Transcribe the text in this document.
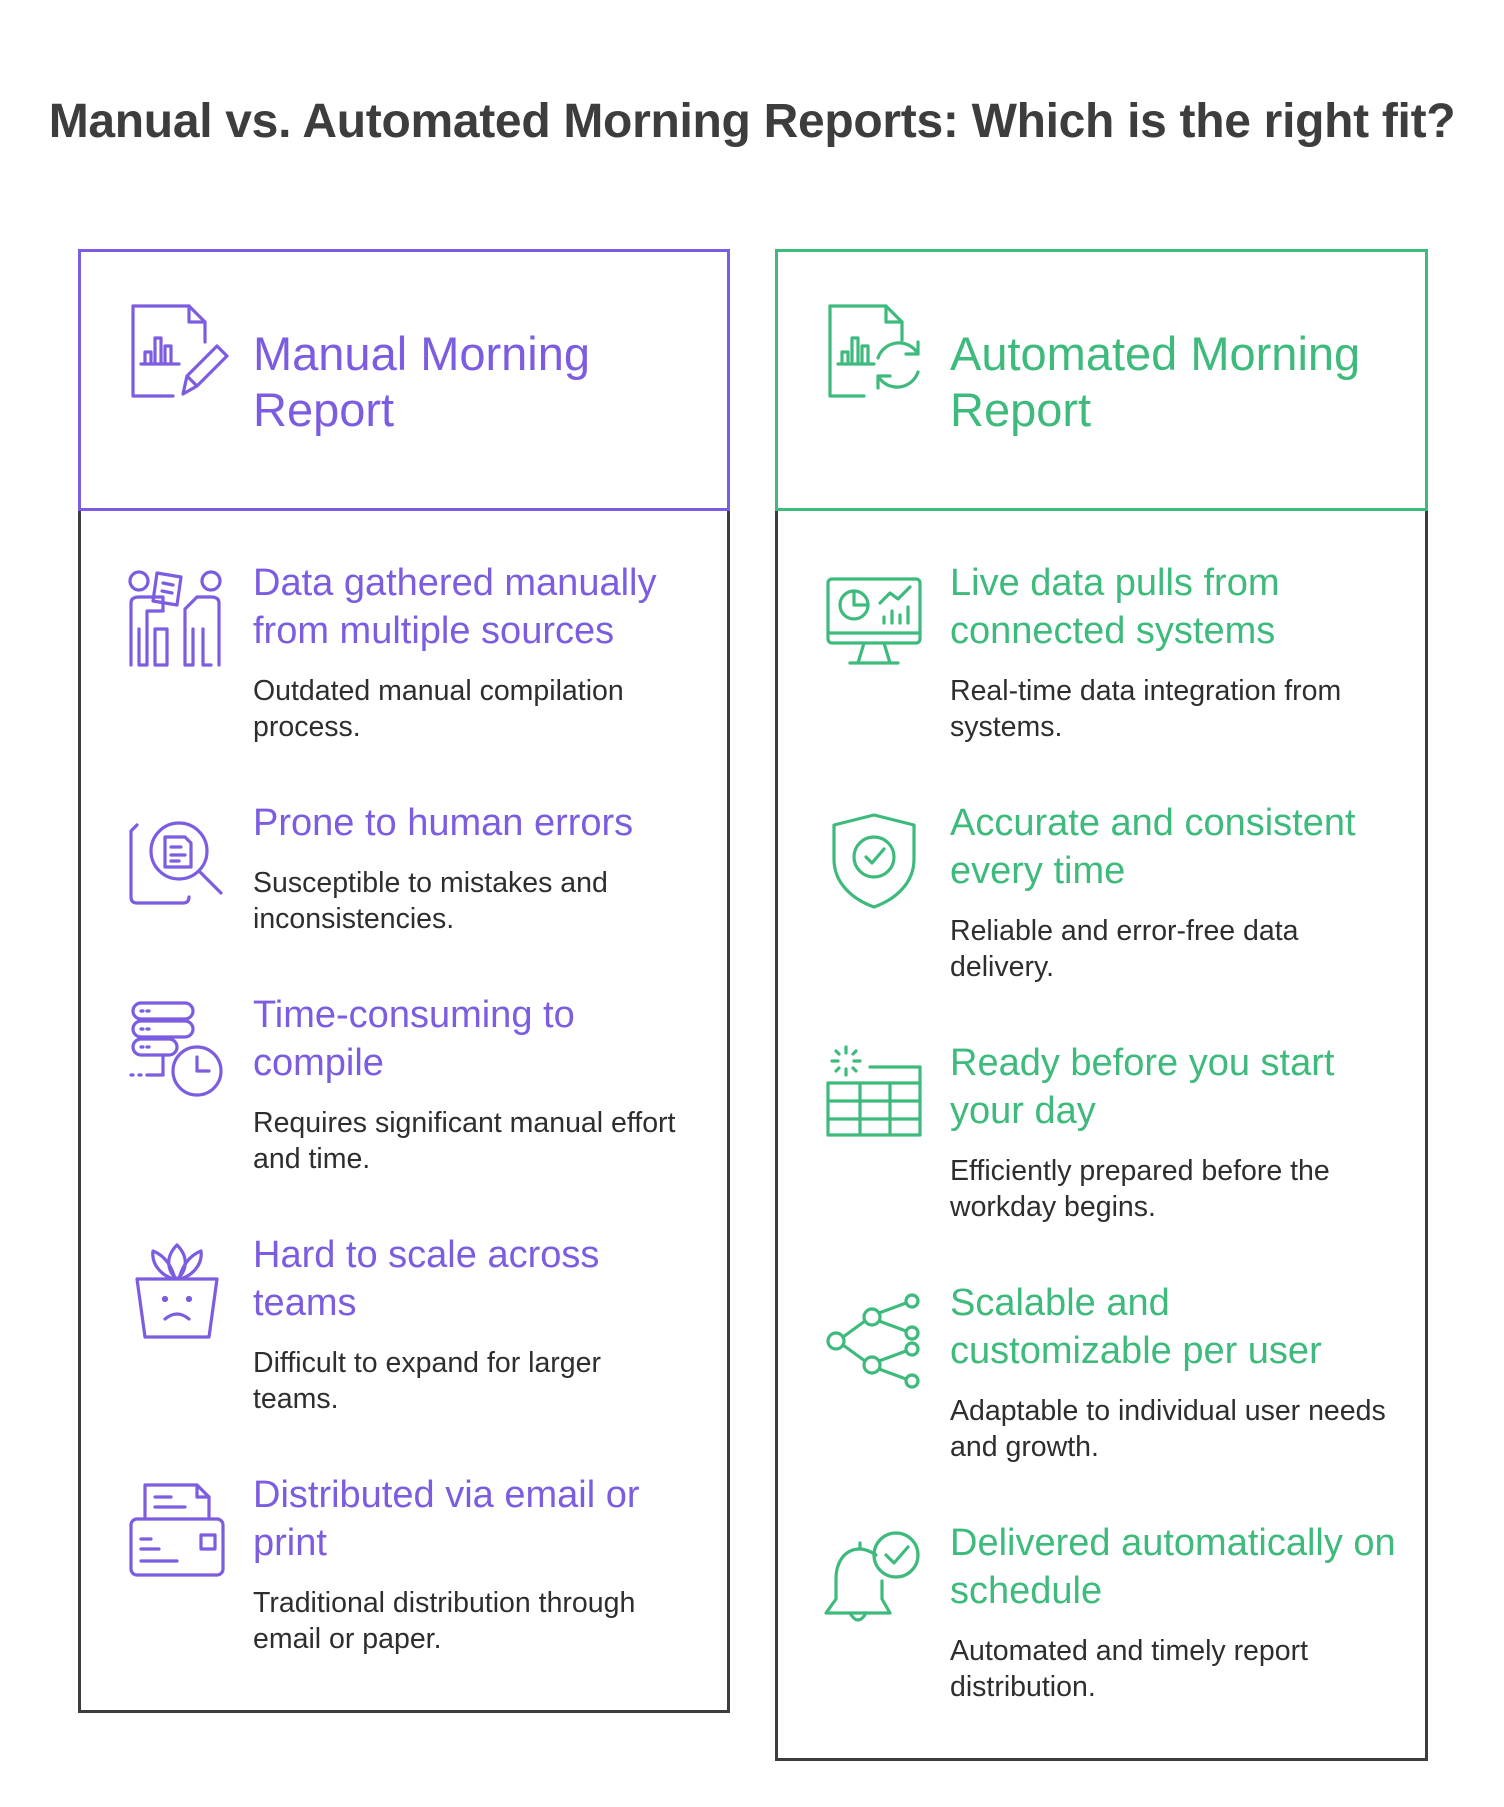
Manual vs. Automated Morning Reports: Which is the right fit?
Manual Morning Report
Data gathered manually from multiple sources

Outdated manual compilation process.

Prone to human errors

Susceptible to mistakes and inconsistencies.

Time-consuming to compile

Requires significant manual effort and time.

Hard to scale across teams

Difficult to expand for larger teams.

Distributed via email or print

Traditional distribution through email or paper.

Automated Morning Report
Live data pulls from connected systems

Real-time data integration from systems.

Accurate and consistent every time

Reliable and error-free data delivery.

Ready before you start your day

Efficiently prepared before the workday begins.

Scalable and customizable per user

Adaptable to individual user needs and growth.

Delivered automatically on schedule

Automated and timely report distribution.
